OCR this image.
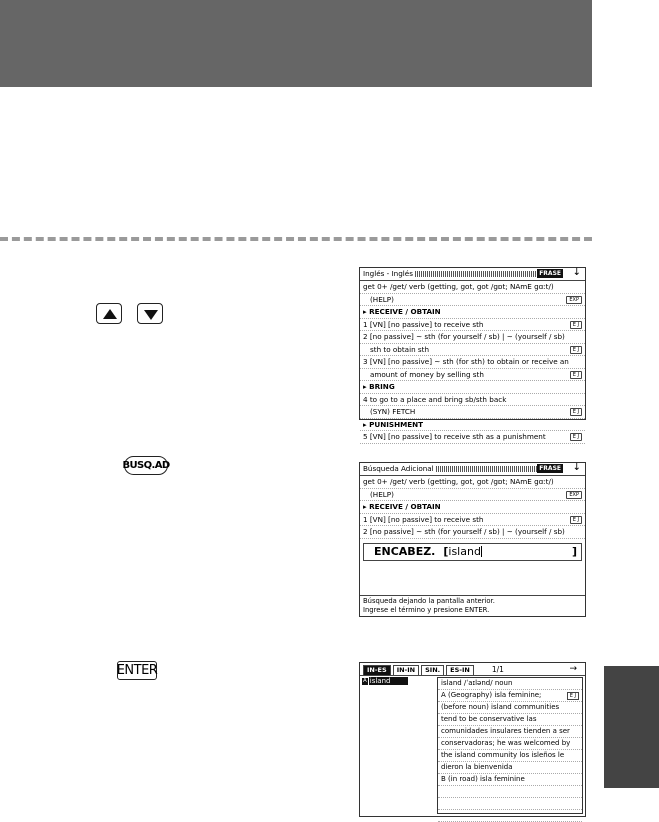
BUSQ.AD
ENTER
Inglés - Inglés	FRASE ↓
get 0+ /get/ verb (getting, got, got /gɒt; NAmE gɑːt/)
(HELP)	EXP
▸ RECEIVE / OBTAIN
1 [VN] [no passive] to receive sth	E J
2 [no passive] ~ sth (for yourself / sb) | ~ (yourself / sb)
sth to obtain sth	E J
3 [VN] [no passive] ~ sth (for sth) to obtain or receive an
amount of money by selling sth	E J
▸ BRING
4 to go to a place and bring sb/sth back
(SYN) FETCH	E J
▸ PUNISHMENT
5 [VN] [no passive] to receive sth as a punishment	E J
Búsqueda Adicional	FRASE ↓
get 0+ /get/ verb (getting, got, got /gɒt; NAmE gɑːt/)
(HELP)	EXP
▸ RECEIVE / OBTAIN
1 [VN] [no passive] to receive sth	E J
2 [no passive] ~ sth (for yourself / sb) | ~ (yourself / sb)
ENCABEZ. [ island	]
Búsqueda dejando la pantalla anterior.
Ingrese el término y presione ENTER.
IN-ES	IN-IN	SIN.	ES-IN	1/1	→
A island	island /ˈaɪlənd/ noun
A (Geography) isla feminine;	E J
(before noun) island communities
tend to be conservative las
comunidades insulares tienden a ser
conservadoras; he was welcomed by
the island community los isleños le
dieron la bienvenida
B (in road) isla feminine
